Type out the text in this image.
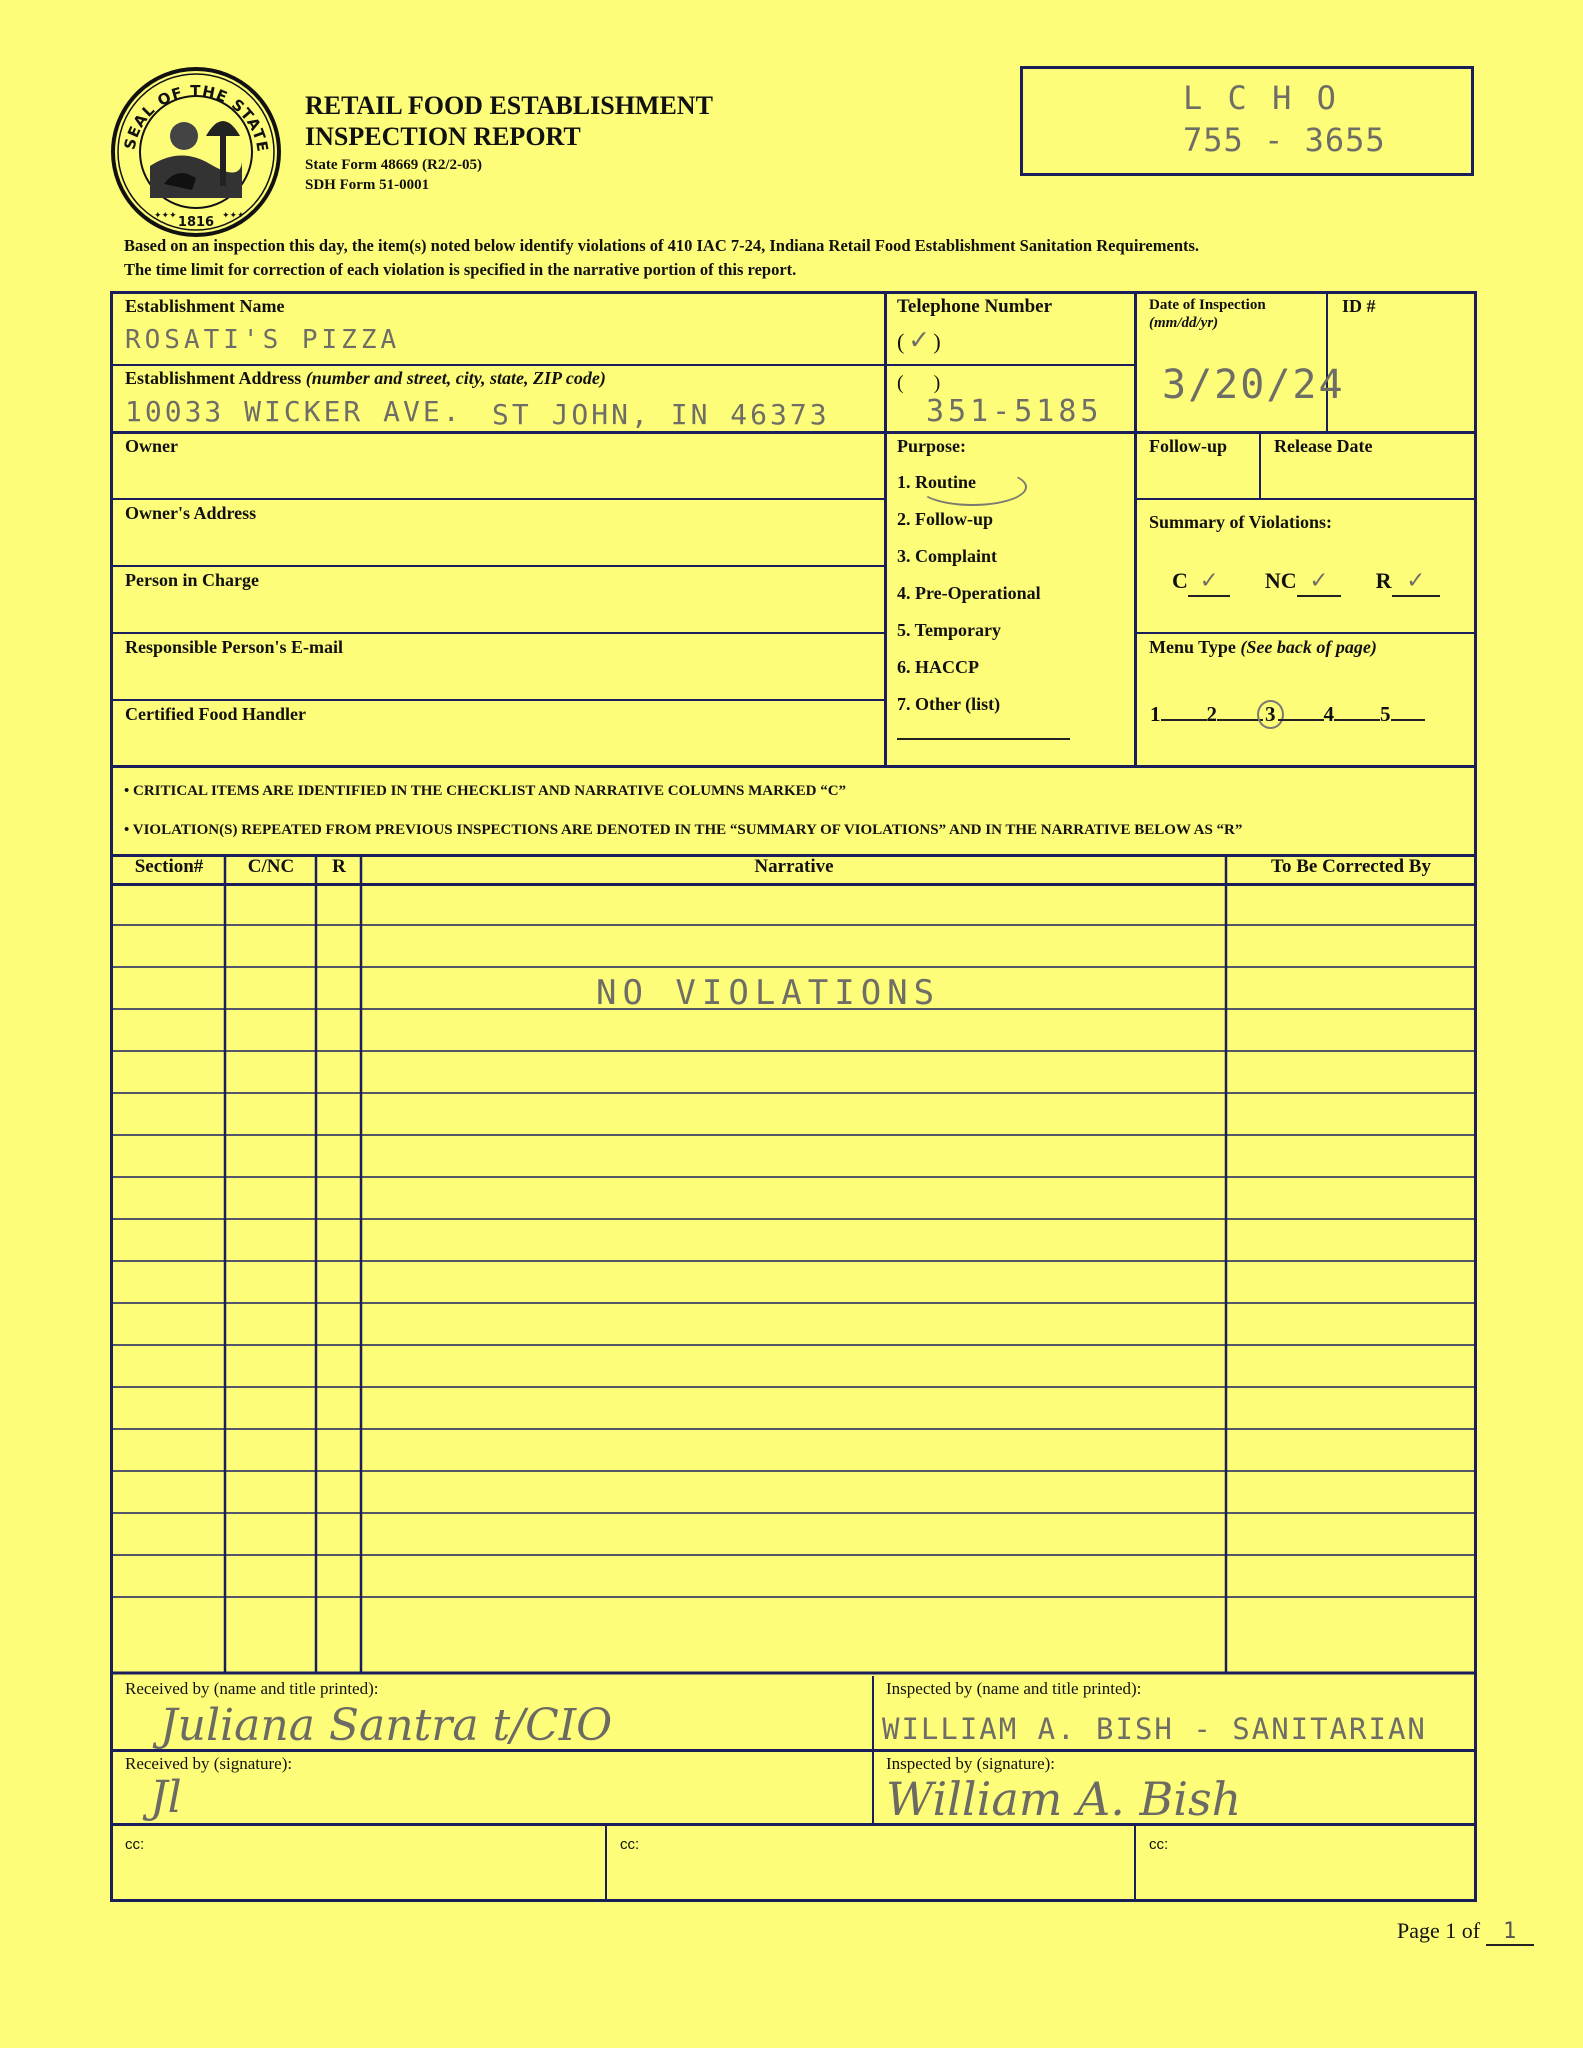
SEAL OF THE STATE
1816
✦✦✦	✦✦✦
RETAIL FOOD ESTABLISHMENT
INSPECTION REPORT
State Form 48669 (R2/2-05)
SDH Form 51-0001
L C H O
755 - 3655
Based on an inspection this day, the item(s) noted below identify violations of 410 IAC 7-24, Indiana Retail Food Establishment Sanitation Requirements.
The time limit for correction of each violation is specified in the narrative portion of this report.
Establishment Name
ROSATI'S PIZZA
Establishment Address (number and street, city, state, ZIP code)
10033 WICKER AVE. ST JOHN, IN 46373
Telephone Number
( ✓ )
(      )
351-5185
Date of Inspection
(mm/dd/yr)
3/20/24
ID #
Owner
Owner's Address
Person in Charge
Responsible Person's E-mail
Certified Food Handler
Purpose:
1. Routine
2. Follow-up
3. Complaint
4. Pre-Operational
5. Temporary
6. HACCP
7. Other (list)
Follow-up	Release Date
Summary of Violations:
C ✓ NC ✓ R ✓
Menu Type (See back of page)
1 2 3 4 5
• CRITICAL ITEMS ARE IDENTIFIED IN THE CHECKLIST AND NARRATIVE COLUMNS MARKED “C”
• VIOLATION(S) REPEATED FROM PREVIOUS INSPECTIONS ARE DENOTED IN THE “SUMMARY OF VIOLATIONS” AND IN THE NARRATIVE BELOW AS “R”
Section#	C/NC	R	Narrative	To Be Corrected By
NO VIOLATIONS
Received by (name and title printed):
Juliana Santra t/CIO
Inspected by (name and title printed):
WILLIAM A. BISH - SANITARIAN
Received by (signature):
Jl
Inspected by (signature):
William A. Bish
cc:	cc:	cc:
Page 1 of 1
